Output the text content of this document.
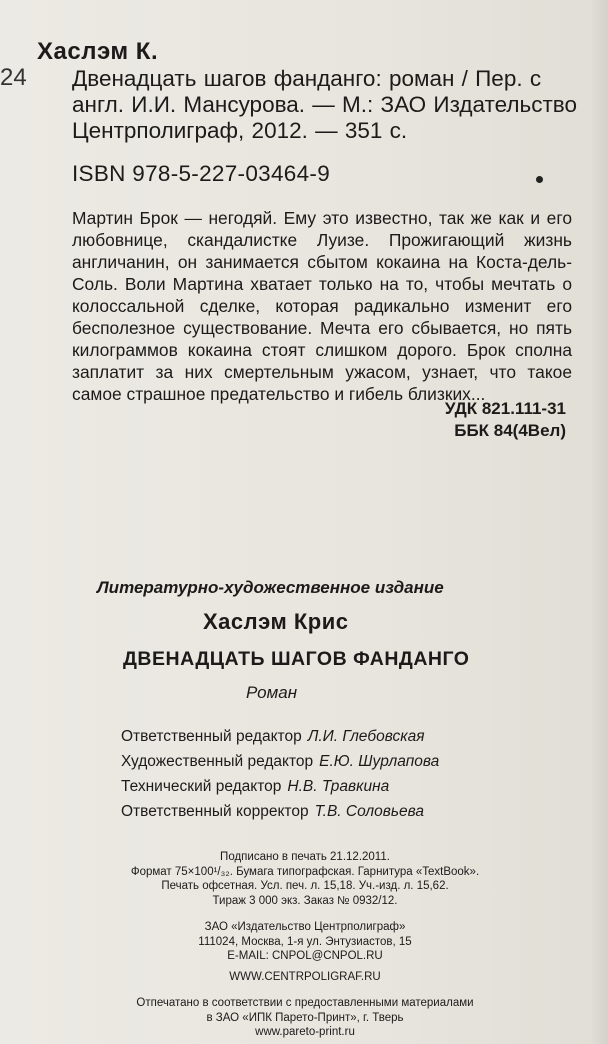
24
Хаслэм К.
Двенадцать шагов фанданго: роман / Пер. с
англ. И.И. Мансурова. — М.: ЗАО Издательство
Центрполиграф, 2012. — 351 с.
ISBN 978-5-227-03464-9
Мартин Брок — негодяй. Ему это известно, так же как и его любовнице, скандалистке Луизе. Прожигающий жизнь англичанин, он занимается сбытом кокаина на Коста-дель-Соль. Воли Мартина хватает только на то, чтобы мечтать о колоссальной сделке, которая радикально изменит его бесполезное существование. Мечта его сбывается, но пять килограммов кокаина стоят слишком дорого. Брок сполна заплатит за них смертельным ужасом, узнает, что такое самое страшное предательство и гибель близких...
УДК 821.111-31
ББК 84(4Вел)
Литературно-художественное издание
Хаслэм Крис
ДВЕНАДЦАТЬ ШАГОВ ФАНДАНГО
Роман
Ответственный редактор Л.И. Глебовская
Художественный редактор Е.Ю. Шурлапова
Технический редактор Н.В. Травкина
Ответственный корректор Т.В. Соловьева
Подписано в печать 21.12.2011.
Формат 75×100¹/₃₂. Бумага типографская. Гарнитура «TextBook».
Печать офсетная. Усл. печ. л. 15,18. Уч.-изд. л. 15,62.
Тираж 3 000 экз. Заказ № 0932/12.
ЗАО «Издательство Центрполиграф»
111024, Москва, 1-я ул. Энтузиастов, 15
E-MAIL: CNPOL@CNPOL.RU
WWW.CENTRPOLIGRAF.RU
Отпечатано в соответствии с предоставленными материалами
в ЗАО «ИПК Парето-Принт», г. Тверь
www.pareto-print.ru
